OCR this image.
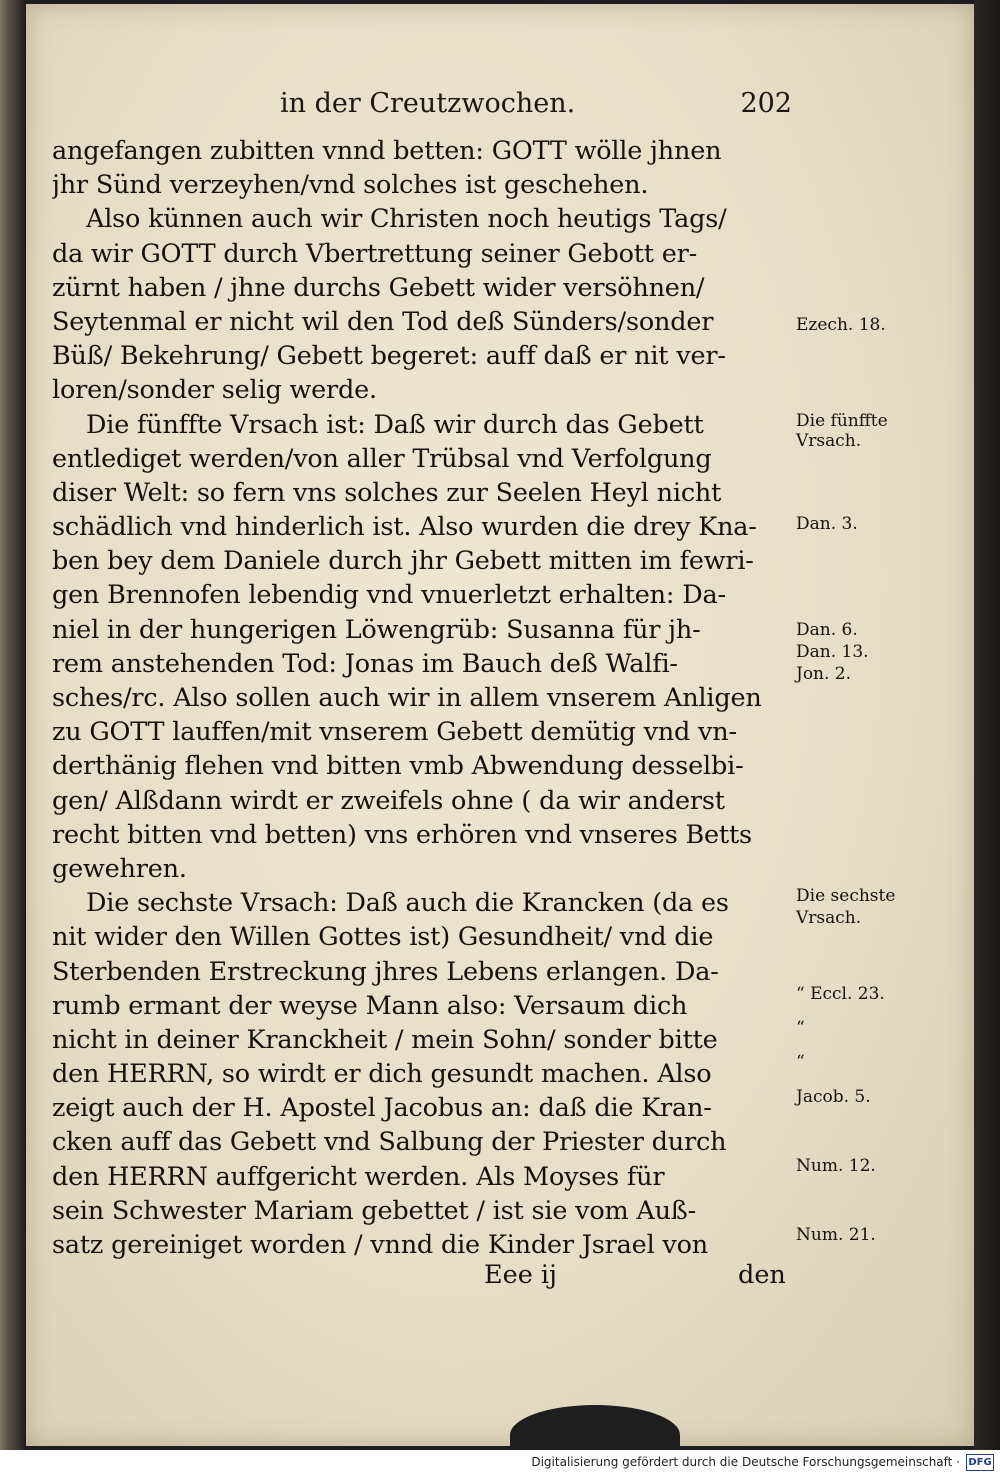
in der Creutzwochen.	202
angefangen zubitten vnnd betten: GOTT wölle jhnen
jhr Sünd verzeyhen/vnd solches ist geschehen.
Also künnen auch wir Christen noch heutigs Tags/
da wir GOTT durch Vbertrettung seiner Gebott er-
zürnt haben / jhne durchs Gebett wider versöhnen/
Seytenmal er nicht wil den Tod deß Sünders/sonder
Büß/ Bekehrung/ Gebett begeret: auff daß er nit ver-
loren/sonder selig werde.
Die fünffte Vrsach ist: Daß wir durch das Gebett
entlediget werden/von aller Trübsal vnd Verfolgung
diser Welt: so fern vns solches zur Seelen Heyl nicht
schädlich vnd hinderlich ist. Also wurden die drey Kna-
ben bey dem Daniele durch jhr Gebett mitten im fewri-
gen Brennofen lebendig vnd vnuerletzt erhalten: Da-
niel in der hungerigen Löwengrüb: Susanna für jh-
rem anstehenden Tod: Jonas im Bauch deß Walfi-
sches/rc. Also sollen auch wir in allem vnserem Anligen
zu GOTT lauffen/mit vnserem Gebett demütig vnd vn-
derthänig flehen vnd bitten vmb Abwendung desselbi-
gen/ Alßdann wirdt er zweifels ohne ( da wir anderst
recht bitten vnd betten) vns erhören vnd vnseres Betts
gewehren.
Die sechste Vrsach: Daß auch die Krancken (da es
nit wider den Willen Gottes ist) Gesundheit/ vnd die
Sterbenden Erstreckung jhres Lebens erlangen. Da-
rumb ermant der weyse Mann also: Versaum dich
nicht in deiner Kranckheit / mein Sohn/ sonder bitte
den HERRN, so wirdt er dich gesundt machen. Also
zeigt auch der H. Apostel Jacobus an: daß die Kran-
cken auff das Gebett vnd Salbung der Priester durch
den HERRN auffgericht werden. Als Moyses für
sein Schwester Mariam gebettet / ist sie vom Auß-
satz gereiniget worden / vnnd die Kinder Jsrael von
Ezech. 18.
Die fünffte
Vrsach.
Dan. 3.
Dan. 6.
Dan. 13.
Jon. 2.
Die sechste
Vrsach.
“ Eccl. 23.
“
“
Jacob. 5.
Num. 12.
Num. 21.
Eee ij	den
Digitalisierung gefördert durch die Deutsche Forschungsgemeinschaft · DFG
